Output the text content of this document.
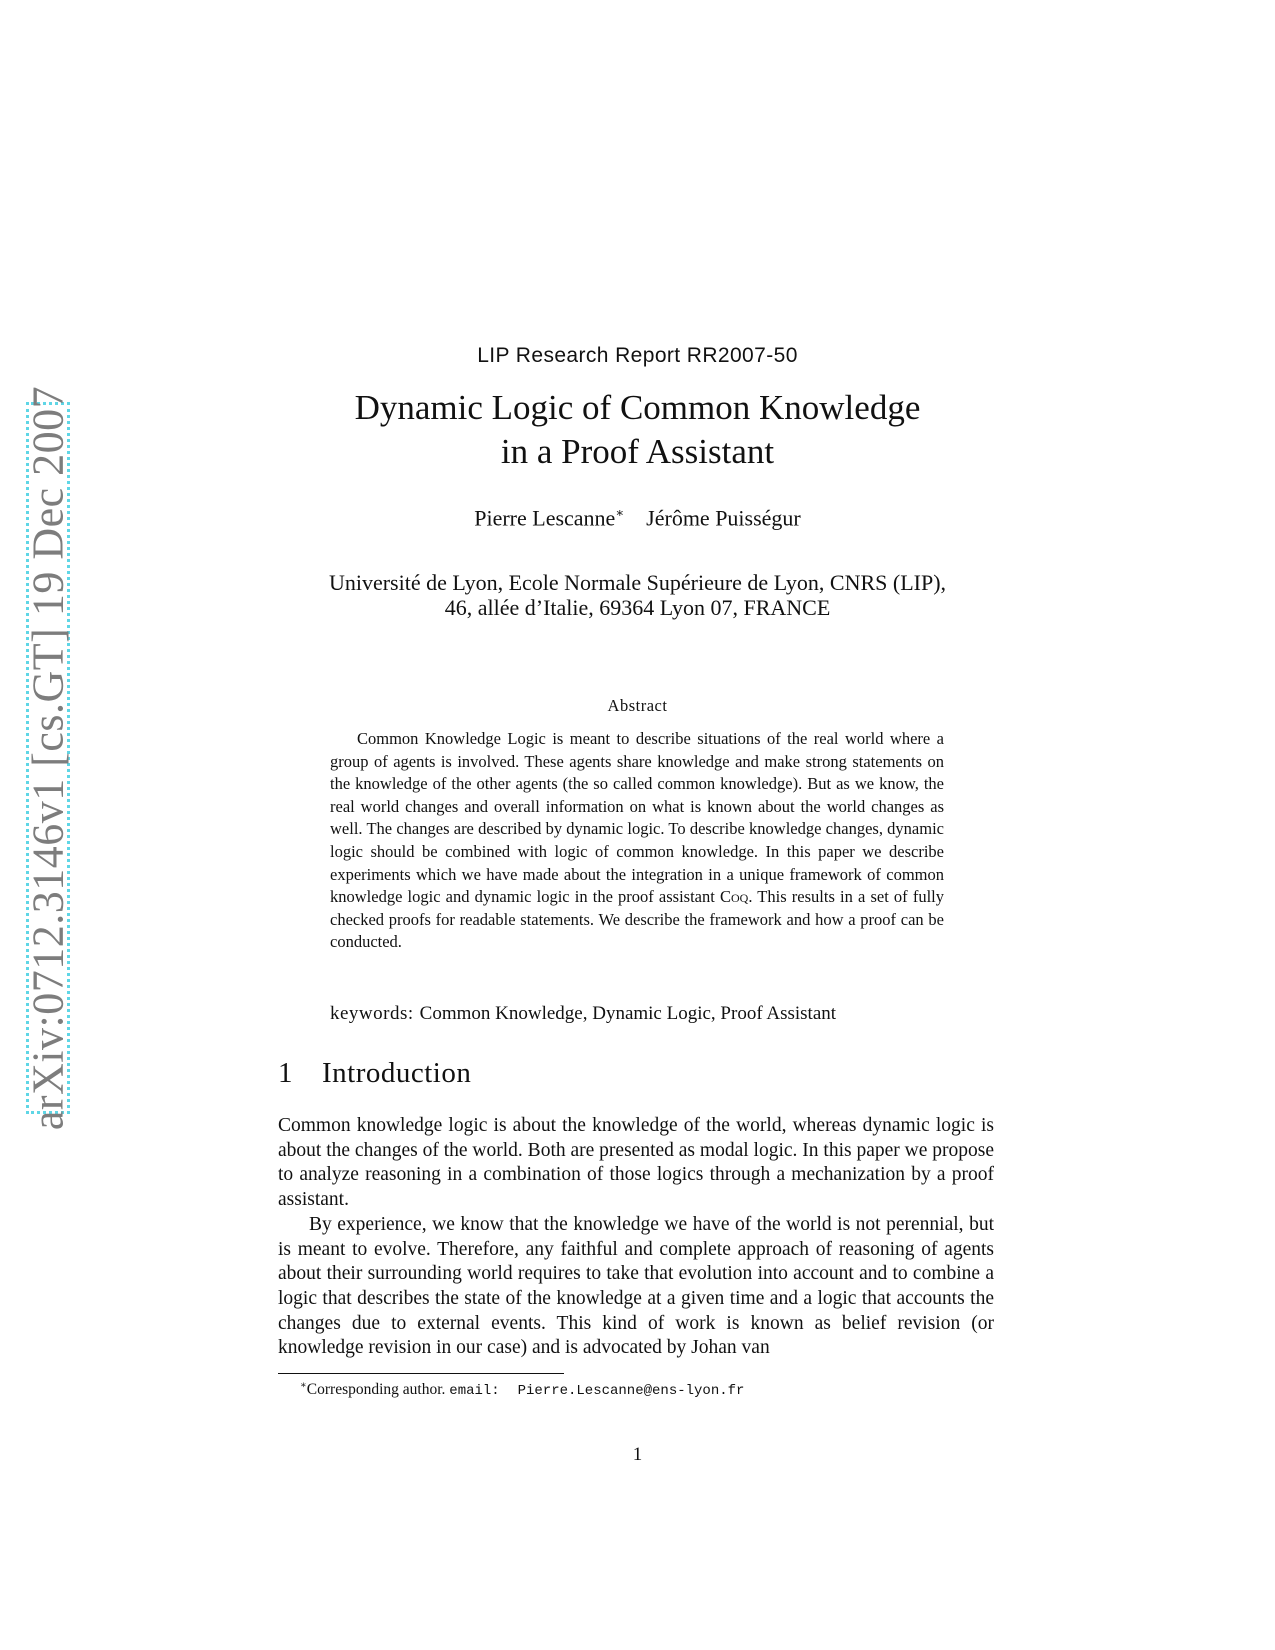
arXiv:0712.3146v1 [cs.GT] 19 Dec 2007
LIP Research Report RR2007-50
Dynamic Logic of Common Knowledge
in a Proof Assistant
Pierre Lescanne∗ Jérôme Puisségur
Université de Lyon, Ecole Normale Supérieure de Lyon, CNRS (LIP),
46, allée d’Italie, 69364 Lyon 07, FRANCE
Abstract

Common Knowledge Logic is meant to describe situations of the real world where a group of agents is involved. These agents share knowledge and make strong statements on the knowledge of the other agents (the so called common knowledge). But as we know, the real world changes and overall information on what is known about the world changes as well. The changes are described by dynamic logic. To describe knowledge changes, dynamic logic should be combined with logic of common knowledge. In this paper we describe experiments which we have made about the integration in a unique framework of common knowledge logic and dynamic logic in the proof assistant Coq. This results in a set of fully checked proofs for readable statements. We describe the framework and how a proof can be conducted.

keywords: Common Knowledge, Dynamic Logic, Proof Assistant
1 Introduction

Common knowledge logic is about the knowledge of the world, whereas dynamic logic is about the changes of the world. Both are presented as modal logic. In this paper we propose to analyze reasoning in a combination of those logics through a mechanization by a proof assistant.

By experience, we know that the knowledge we have of the world is not perennial, but is meant to evolve. Therefore, any faithful and complete approach of reasoning of agents about their surrounding world requires to take that evolution into account and to combine a logic that describes the state of the knowledge at a given time and a logic that accounts the changes due to external events. This kind of work is known as belief revision (or knowledge revision in our case) and is advocated by Johan van

∗Corresponding author. email: Pierre.Lescanne@ens-lyon.fr
1
